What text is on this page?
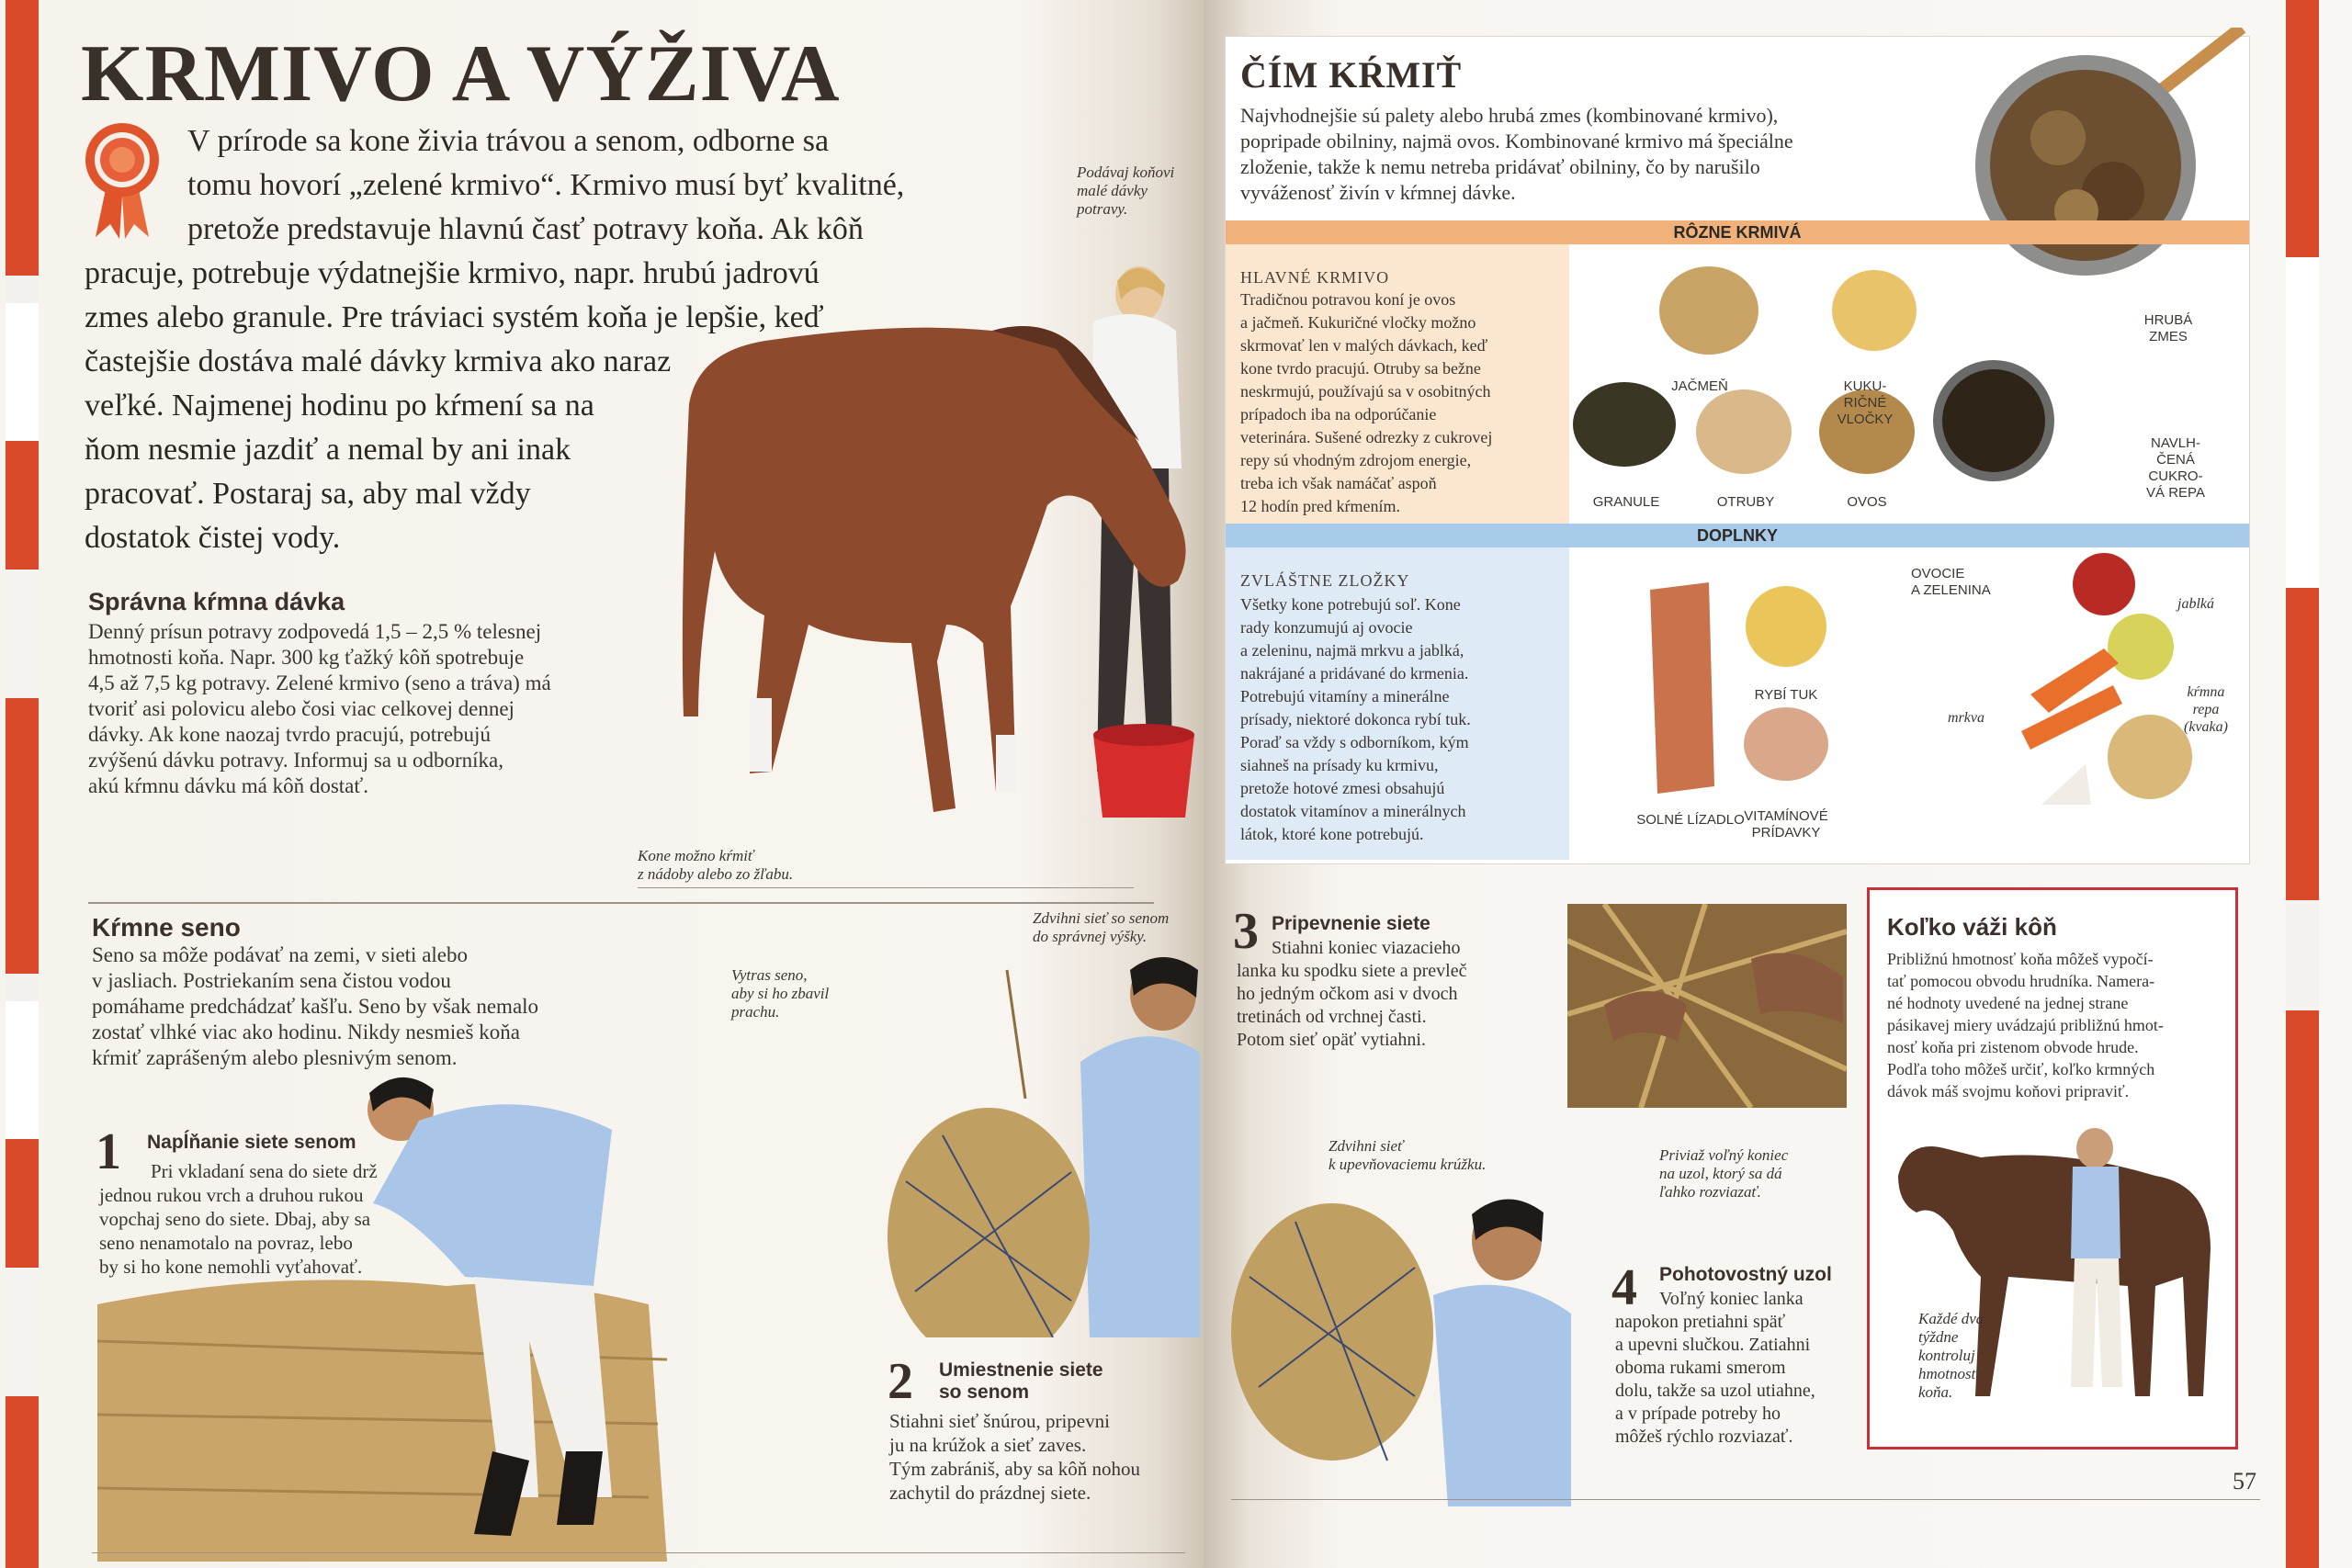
KRMIVO A VÝŽIVA
V prírode sa kone živia trávou a senom, odborne sa
tomu hovorí „zelené krmivo“. Krmivo musí byť kvalitné,
pretože predstavuje hlavnú časť potravy koňa. Ak kôň
pracuje, potrebuje výdatnejšie krmivo, napr. hrubú jadrovú
zmes alebo granule. Pre tráviaci systém koňa je lepšie, keď
častejšie dostáva malé dávky krmiva ako naraz
veľké. Najmenej hodinu po kŕmení sa na
ňom nesmie jazdiť a nemal by ani inak
pracovať. Postaraj sa, aby mal vždy
dostatok čistej vody.
Podávaj koňovi
malé dávky
potravy.
Kone možno kŕmiť
z nádoby alebo zo žľabu.
Správna kŕmna dávka
Denný prísun potravy zodpovedá 1,5 – 2,5 % telesnej
hmotnosti koňa. Napr. 300 kg ťažký kôň spotrebuje
4,5 až 7,5 kg potravy. Zelené krmivo (seno a tráva) má
tvoriť asi polovicu alebo čosi viac celkovej dennej
dávky. Ak kone naozaj tvrdo pracujú, potrebujú
zvýšenú dávku potravy. Informuj sa u odborníka,
akú kŕmnu dávku má kôň dostať.
Kŕmne seno
Seno sa môže podávať na zemi, v sieti alebo
v jasliach. Postriekaním sena čistou vodou
pomáhame predchádzať kašľu. Seno by však nemalo
zostať vlhké viac ako hodinu. Nikdy nesmieš koňa
kŕmiť zaprášeným alebo plesnivým senom.
Vytras seno,
aby si ho zbavil
prachu.
Zdvihni sieť so senom
do správnej výšky.
1 Napĺňanie siete senom
Pri vkladaní sena do siete drž
jednou rukou vrch a druhou rukou
vopchaj seno do siete. Dbaj, aby sa
seno nenamotalo na povraz, lebo
by si ho kone nemohli vyťahovať.
2 Umiestnenie siete
so senom
Stiahni sieť šnúrou, pripevni
ju na krúžok a sieť zaves.
Tým zabrániš, aby sa kôň nohou
zachytil do prázdnej siete.
ČÍM KŔMIŤ
Najvhodnejšie sú palety alebo hrubá zmes (kombinované krmivo),
popripade obilniny, najmä ovos. Kombinované krmivo má špeciálne
zloženie, takže k nemu netreba pridávať obilniny, čo by narušilo
vyváženosť živín v kŕmnej dávke.
RÔZNE KRMIVÁ
HLAVNÉ KRMIVO
Tradičnou potravou koní je ovos
a jačmeň. Kukuričné vločky možno
skrmovať len v malých dávkach, keď
kone tvrdo pracujú. Otruby sa bežne
neskrmujú, používajú sa v osobitných
prípadoch iba na odporúčanie
veterinára. Sušené odrezky z cukrovej
repy sú vhodným zdrojom energie,
treba ich však namáčať aspoň
12 hodín pred kŕmením.
JAČMEŇ	KUKU-
RIČNÉ
VLOČKY
HRUBÁ
ZMES
GRANULE	OTRUBY	OVOS
NAVLH-
ČENÁ
CUKRO-
VÁ REPA
DOPLNKY
ZVLÁŠTNE ZLOŽKY
Všetky kone potrebujú soľ. Kone
rady konzumujú aj ovocie
a zeleninu, najmä mrkvu a jablká,
nakrájané a pridávané do krmenia.
Potrebujú vitamíny a minerálne
prísady, niektoré dokonca rybí tuk.
Poraď sa vždy s odborníkom, kým
siahneš na prísady ku krmivu,
pretože hotové zmesi obsahujú
dostatok vitamínov a minerálnych
látok, ktoré kone potrebujú.
SOLNÉ LÍZADLO
RYBÍ TUK
VITAMÍNOVÉ
PRÍDAVKY
OVOCIE
A ZELENINA
jablká
mrkva
kŕmna
repa
(kvaka)
3 Pripevnenie siete
Stiahni koniec viazacieho
lanka ku spodku siete a prevleč
ho jedným očkom asi v dvoch
tretinách od vrchnej časti.
Potom sieť opäť vytiahni.
Priviaž voľný koniec
na uzol, ktorý sa dá
ľahko rozviazať.
Zdvihni sieť
k upevňovaciemu krúžku.
4 Pohotovostný uzol
Voľný koniec lanka
napokon pretiahni späť
a upevni slučkou. Zatiahni
oboma rukami smerom
dolu, takže sa uzol utiahne,
a v prípade potreby ho
môžeš rýchlo rozviazať.
Koľko váži kôň
Približnú hmotnosť koňa môžeš vypočí-
tať pomocou obvodu hrudníka. Namera-
né hodnoty uvedené na jednej strane
pásikavej miery uvádzajú približnú hmot-
nosť koňa pri zistenom obvode hrude.
Podľa toho môžeš určiť, koľko krmných
dávok máš svojmu koňovi pripraviť.
Každé dva
týždne
kontroluj
hmotnosť
koňa.
57
